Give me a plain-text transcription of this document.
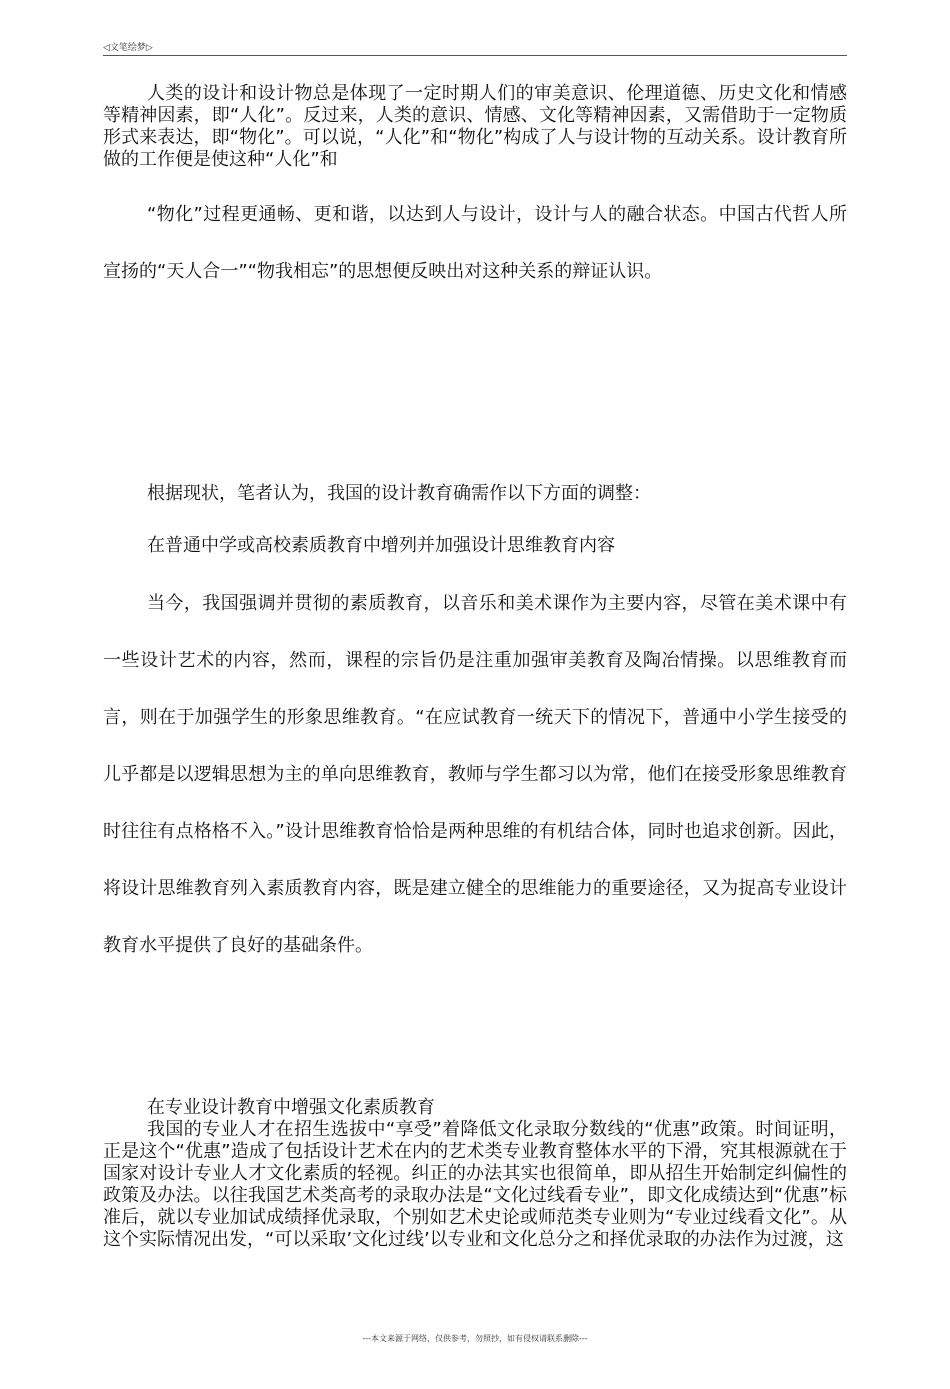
◁文笔绘梦▷

人类的设计和设计物总是体现了一定时期人们的审美意识、伦理道德、历史文化和情感等精神因素，即“人化”。反过来，人类的意识、情感、文化等精神因素，又需借助于一定物质形式来表达，即“物化”。可以说，“人化”和“物化”构成了人与设计物的互动关系。设计教育所做的工作便是使这种“人化”和

“物化”过程更通畅、更和谐，以达到人与设计，设计与人的融合状态。中国古代哲人所宣扬的“天人合一”“物我相忘”的思想便反映出对这种关系的辩证认识。

根据现状，笔者认为，我国的设计教育确需作以下方面的调整：

在普通中学或高校素质教育中增列并加强设计思维教育内容

当今，我国强调并贯彻的素质教育，以音乐和美术课作为主要内容，尽管在美术课中有一些设计艺术的内容，然而，课程的宗旨仍是注重加强审美教育及陶冶情操。以思维教育而言，则在于加强学生的形象思维教育。“在应试教育一统天下的情况下，普通中小学生接受的儿乎都是以逻辑思想为主的单向思维教育，教师与学生都习以为常，他们在接受形象思维教育时往往有点格格不入。”设计思维教育恰恰是两种思维的有机结合体，同时也追求创新。因此，将设计思维教育列入素质教育内容，既是建立健全的思维能力的重要途径，又为捉高专业设计教育水平提供了良好的基础条件。

在专业设计教育中增强文化素质教育

我国的专业人才在招生选拔中“享受”着降低文化录取分数线的“优惠”政策。时间证明，正是这个“优惠”造成了包括设计艺术在内的艺术类专业教育整体水平的下滑，究其根源就在于国家对设计专业人才文化素质的轻视。纠正的办法其实也很简单，即从招生开始制定纠偏性的政策及办法。以往我国艺术类高考的录取办法是“文化过线看专业”，即文化成绩达到“优惠”标准后，就以专业加试成绩择优录取，个别如艺术史论或师范类专业则为“专业过线看文化”。从这个实际情况出发，“可以采取’文化过线’以专业和文化总分之和择优录取的办法作为过渡，这

---本文来源于网络，仅供参考，勿照抄，如有侵权请联系删除---
